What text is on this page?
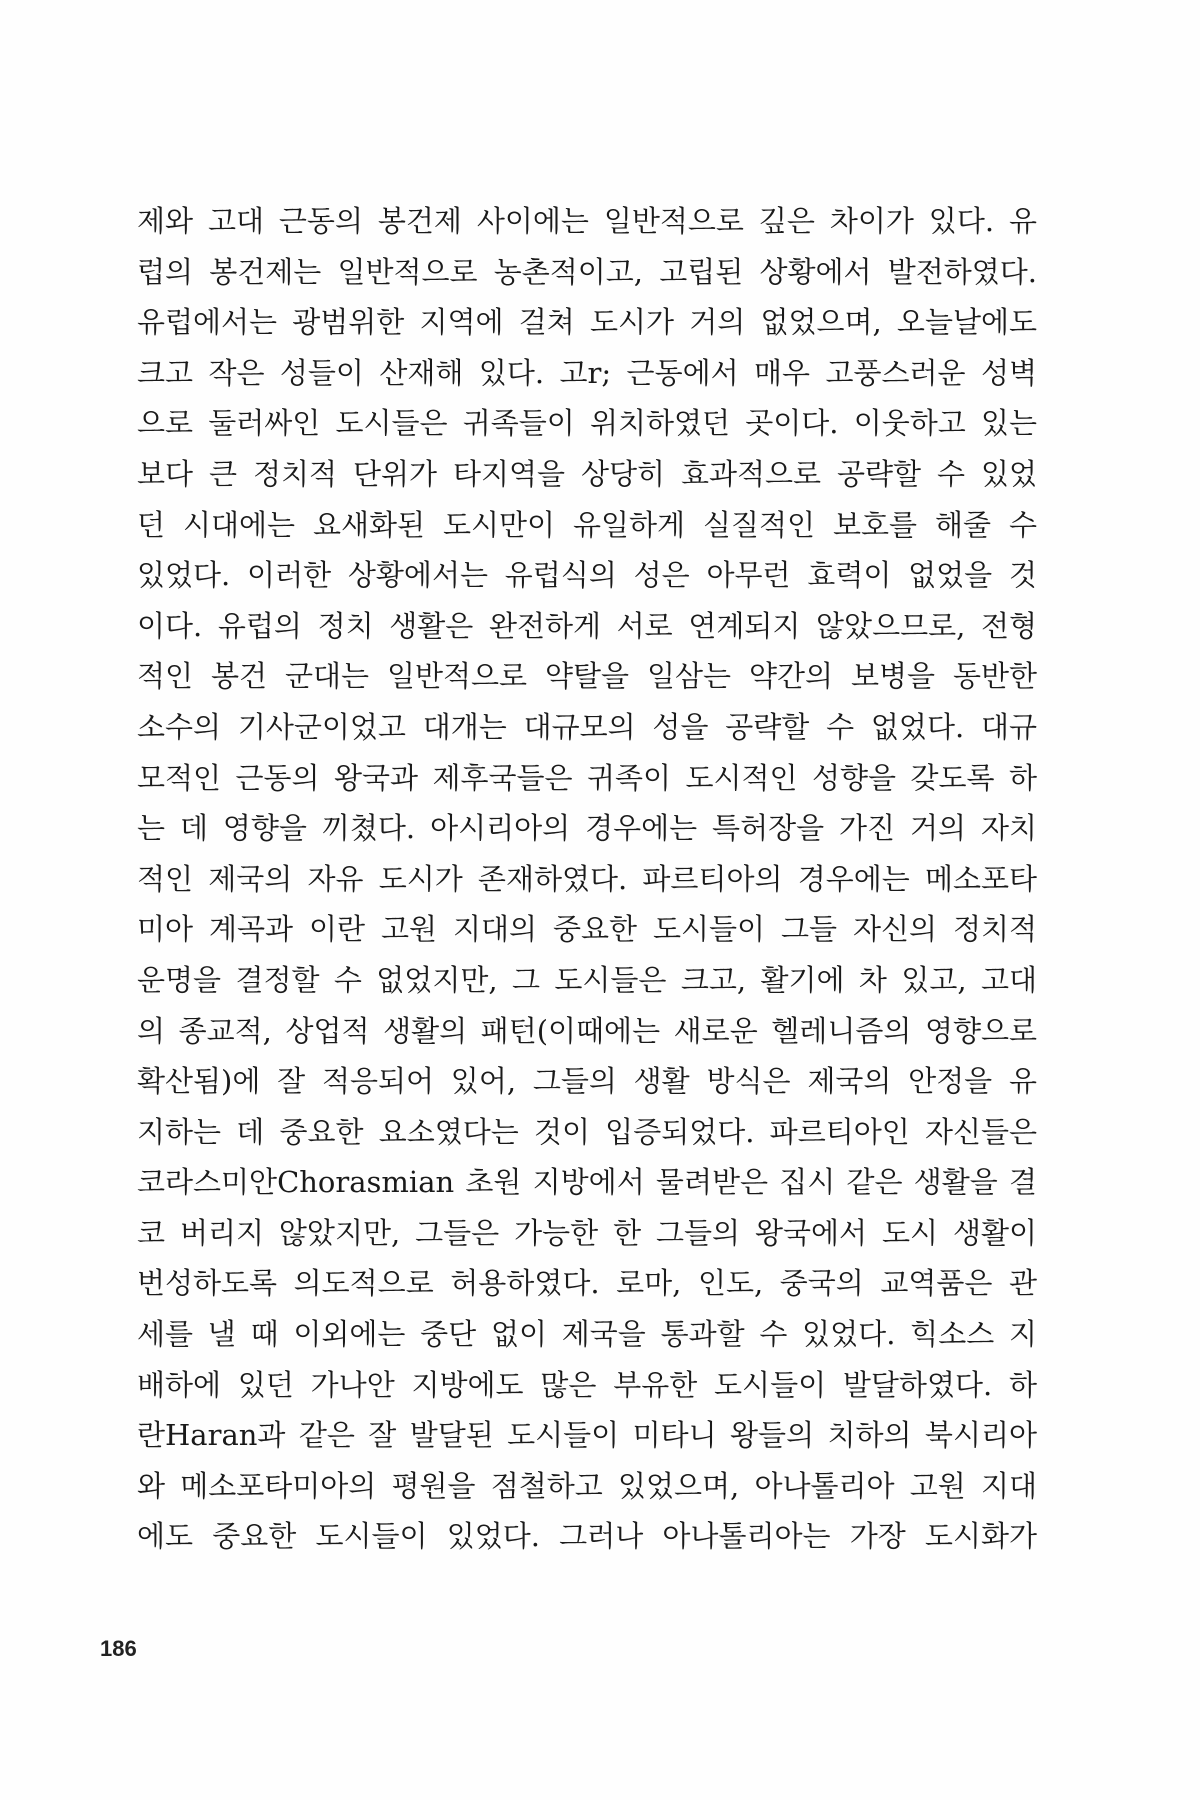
제와 고대 근동의 봉건제 사이에는 일반적으로 깊은 차이가 있다. 유
럽의 봉건제는 일반적으로 농촌적이고, 고립된 상황에서 발전하였다.
유럽에서는 광범위한 지역에 걸쳐 도시가 거의 없었으며, 오늘날에도
크고 작은 성들이 산재해 있다. 고r; 근동에서 매우 고풍스러운 성벽
으로 둘러싸인 도시들은 귀족들이 위치하였던 곳이다. 이웃하고 있는
보다 큰 정치적 단위가 타지역을 상당히 효과적으로 공략할 수 있었
던 시대에는 요새화된 도시만이 유일하게 실질적인 보호를 해줄 수
있었다. 이러한 상황에서는 유럽식의 성은 아무런 효력이 없었을 것
이다. 유럽의 정치 생활은 완전하게 서로 연계되지 않았으므로, 전형
적인 봉건 군대는 일반적으로 약탈을 일삼는 약간의 보병을 동반한
소수의 기사군이었고 대개는 대규모의 성을 공략할 수 없었다. 대규
모적인 근동의 왕국과 제후국들은 귀족이 도시적인 성향을 갖도록 하
는 데 영향을 끼쳤다. 아시리아의 경우에는 특허장을 가진 거의 자치
적인 제국의 자유 도시가 존재하였다. 파르티아의 경우에는 메소포타
미아 계곡과 이란 고원 지대의 중요한 도시들이 그들 자신의 정치적
운명을 결정할 수 없었지만, 그 도시들은 크고, 활기에 차 있고, 고대
의 종교적, 상업적 생활의 패턴(이때에는 새로운 헬레니즘의 영향으로
확산됨)에 잘 적응되어 있어, 그들의 생활 방식은 제국의 안정을 유
지하는 데 중요한 요소였다는 것이 입증되었다. 파르티아인 자신들은
코라스미안Chorasmian 초원 지방에서 물려받은 집시 같은 생활을 결
코 버리지 않았지만, 그들은 가능한 한 그들의 왕국에서 도시 생활이
번성하도록 의도적으로 허용하였다. 로마, 인도, 중국의 교역품은 관
세를 낼 때 이외에는 중단 없이 제국을 통과할 수 있었다. 힉소스 지
배하에 있던 가나안 지방에도 많은 부유한 도시들이 발달하였다. 하
란Haran과 같은 잘 발달된 도시들이 미타니 왕들의 치하의 북시리아
와 메소포타미아의 평원을 점철하고 있었으며, 아나톨리아 고원 지대
에도 중요한 도시들이 있었다. 그러나 아나톨리아는 가장 도시화가
186
